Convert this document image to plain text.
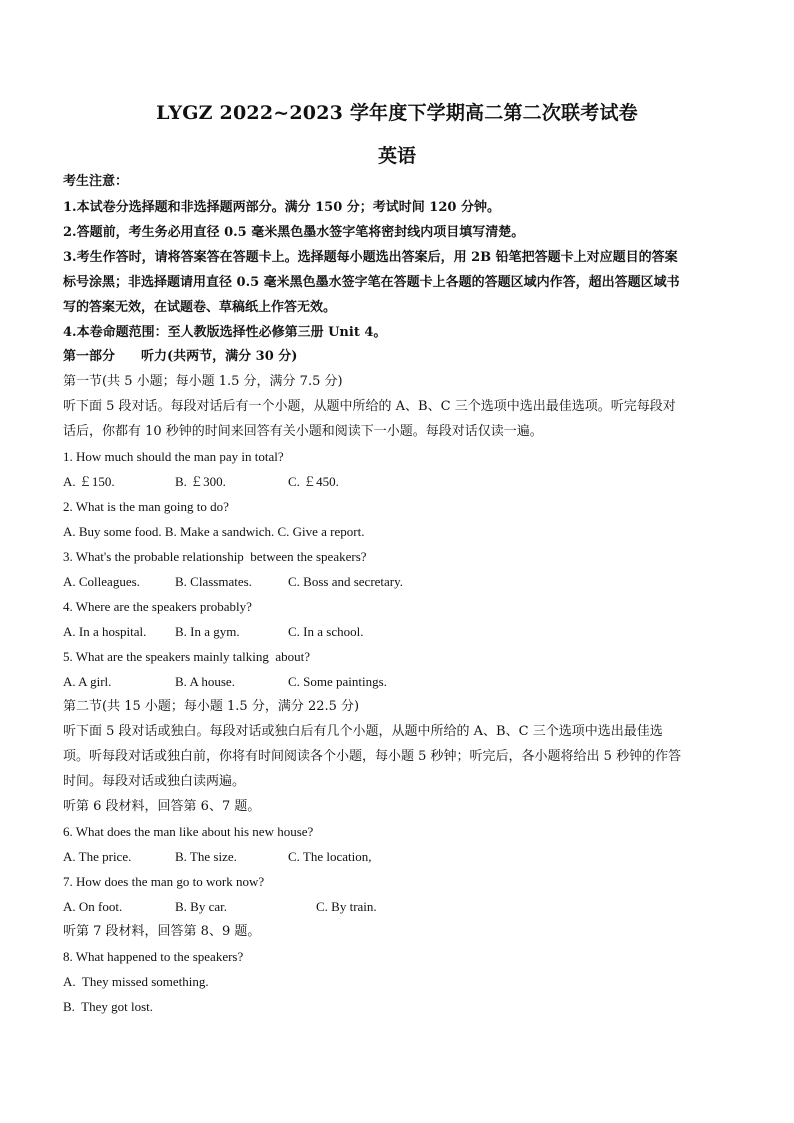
LYGZ 2022~2023 学年度下学期高二第二次联考试卷
英语
考生注意：
1.本试卷分选择题和非选择题两部分。满分 150 分；考试时间 120 分钟。
2.答题前，考生务必用直径 0.5 毫米黑色墨水签字笔将密封线内项目填写清楚。
3.考生作答时，请将答案答在答题卡上。选择题每小题选出答案后，用 2B 铅笔把答题卡上对应题目的答案
标号涂黑；非选择题请用直径 0.5 毫米黑色墨水签字笔在答题卡上各题的答题区域内作答，超出答题区域书
写的答案无效，在试题卷、草稿纸上作答无效。
4.本卷命题范围：至人教版选择性必修第三册 Unit 4。
第一部分　　听力(共两节，满分 30 分)
第一节(共 5 小题；每小题 1.5 分，满分 7.5 分)
听下面 5 段对话。每段对话后有一个小题，从题中所给的 A、B、C 三个选项中选出最佳选项。听完每段对
话后，你都有 10 秒钟的时间来回答有关小题和阅读下一小题。每段对话仅读一遍。
1. How much should the man pay in total?
A. ￡150.	B. ￡300.	C. ￡450.
2. What is the man going to do?
A. Buy some food. B. Make a sandwich. C. Give a report.
3. What's the probable relationship  between the speakers?
A. Colleagues.	B. Classmates.	C. Boss and secretary.
4. Where are the speakers probably?
A. In a hospital. B. In a gym.	C. In a school.
5. What are the speakers mainly talking  about?
A. A girl.	B. A house.	C. Some paintings.
第二节(共 15 小题；每小题 1.5 分，满分 22.5 分)
听下面 5 段对话或独白。每段对话或独白后有几个小题，从题中所给的 A、B、C 三个选项中选出最佳选
项。听每段对话或独白前，你将有时间阅读各个小题，每小题 5 秒钟；听完后，各小题将给出 5 秒钟的作答
时间。每段对话或独白读两遍。
听第 6 段材料，回答第 6、7 题。
6. What does the man like about his new house?
A. The price.	B. The size.	C. The location,
7. How does the man go to work now?
A. On foot.	B. By car.	C. By train.
听第 7 段材料，回答第 8、9 题。
8. What happened to the speakers?
A.  They missed something.
B.  They got lost.
